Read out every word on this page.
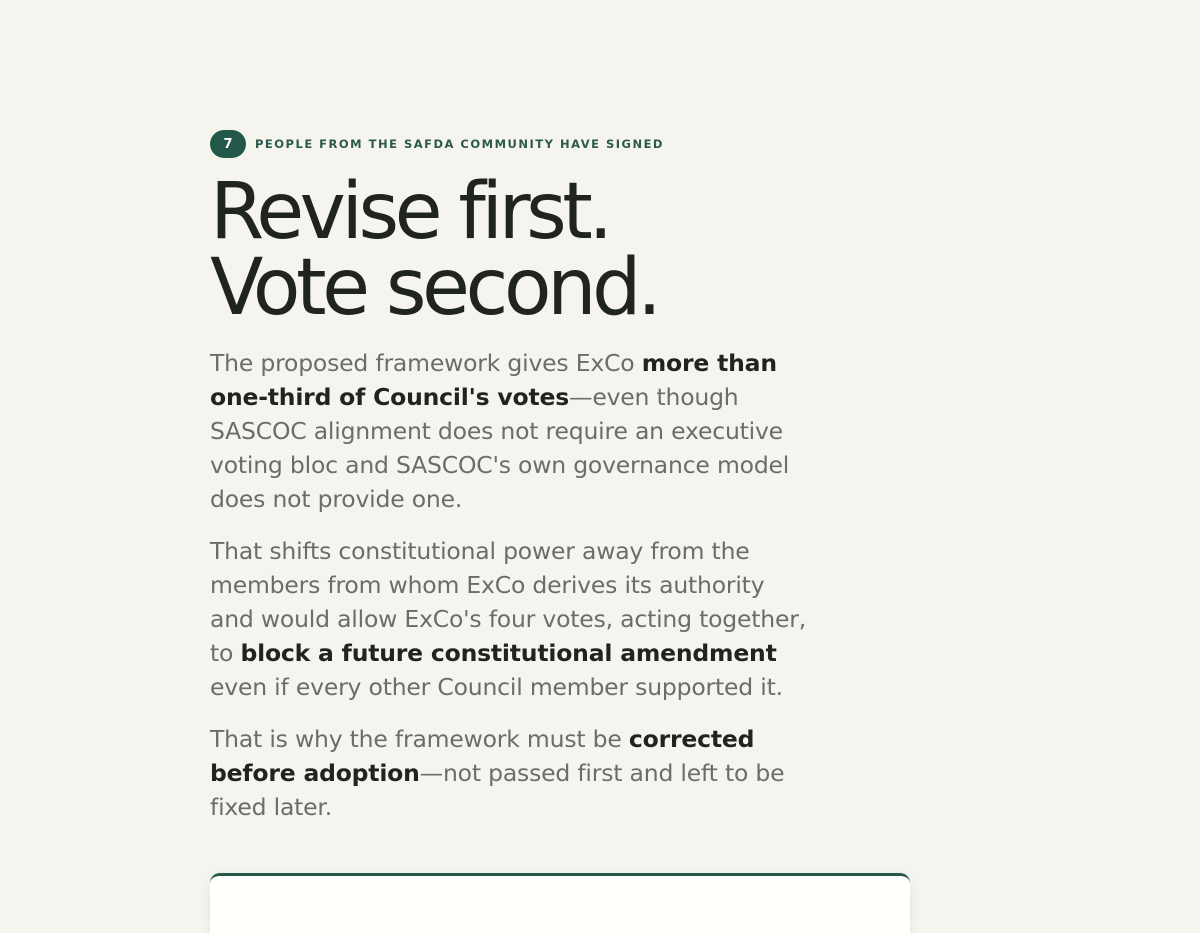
7	PEOPLE FROM THE SAFDA COMMUNITY HAVE SIGNED
Revise first.
Vote second.

The proposed framework gives ExCo more than one-third of Council's votes—even though SASCOC alignment does not require an executive voting bloc and SASCOC's own governance model does not provide one.

That shifts constitutional power away from the members from whom ExCo derives its authority and would allow ExCo's four votes, acting together, to block a future constitutional amendment even if every other Council member supported it.

That is why the framework must be corrected before adoption—not passed first and left to be fixed later.
